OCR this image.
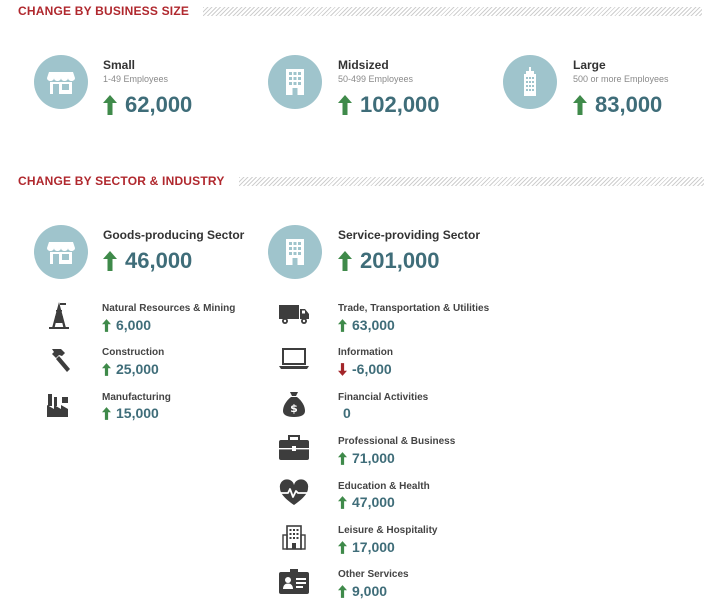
CHANGE BY BUSINESS SIZE
Small
1-49 Employees
62,000
Midsized
50-499 Employees
102,000
Large
500 or more Employees
83,000
CHANGE BY SECTOR & INDUSTRY
Goods-producing Sector
46,000
Service-providing Sector
201,000
Natural Resources & Mining
6,000
Construction
25,000
Manufacturing
15,000
Trade, Transportation & Utilities
63,000
Information
-6,000
$
Financial Activities
0
Professional & Business
71,000
Education & Health
47,000
Leisure & Hospitality
17,000
Other Services
9,000
